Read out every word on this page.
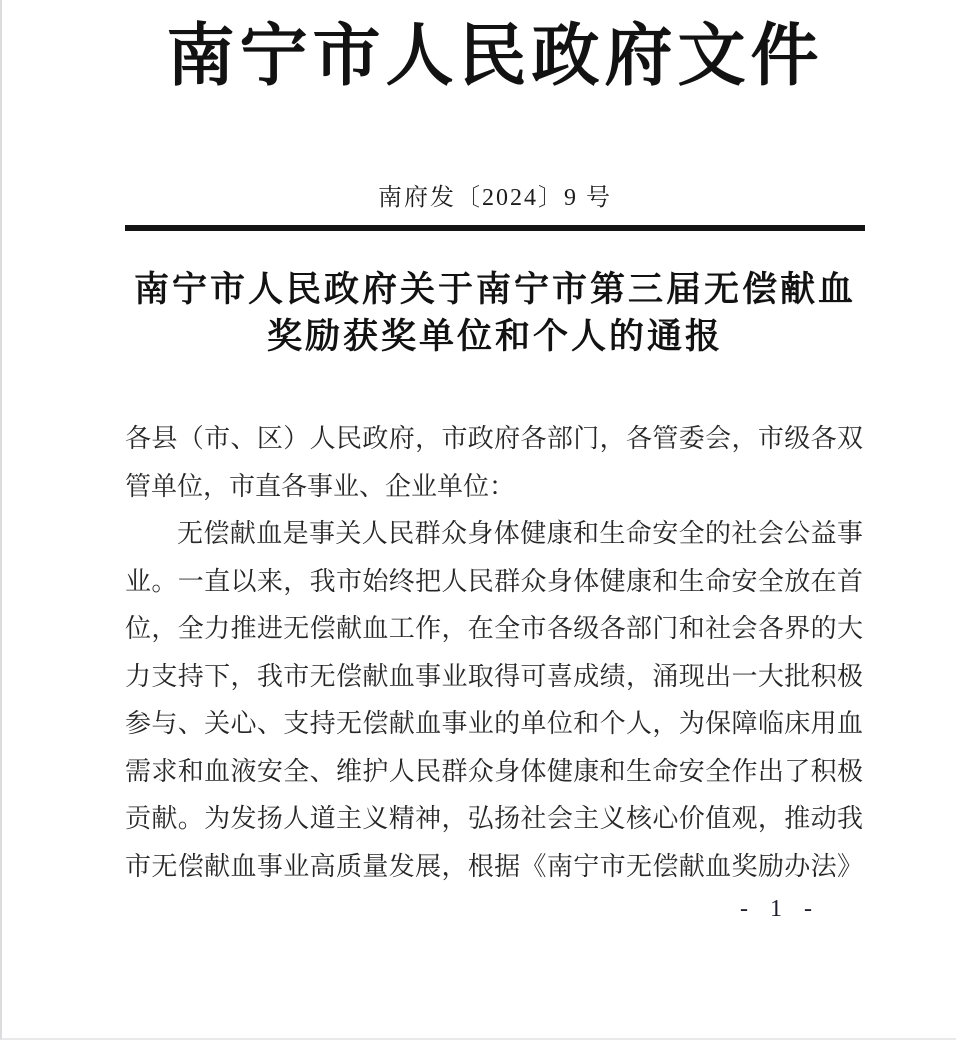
南宁市人民政府文件
南府发〔2024〕9 号
南宁市人民政府关于南宁市第三届无偿献血
奖励获奖单位和个人的通报
各县（市、区）人民政府，市政府各部门，各管委会，市级各双
管单位，市直各事业、企业单位：
无偿献血是事关人民群众身体健康和生命安全的社会公益事
业。一直以来，我市始终把人民群众身体健康和生命安全放在首
位，全力推进无偿献血工作，在全市各级各部门和社会各界的大
力支持下，我市无偿献血事业取得可喜成绩，涌现出一大批积极
参与、关心、支持无偿献血事业的单位和个人，为保障临床用血
需求和血液安全、维护人民群众身体健康和生命安全作出了积极
贡献。为发扬人道主义精神，弘扬社会主义核心价值观，推动我
市无偿献血事业高质量发展，根据《南宁市无偿献血奖励办法》
- 1 -
